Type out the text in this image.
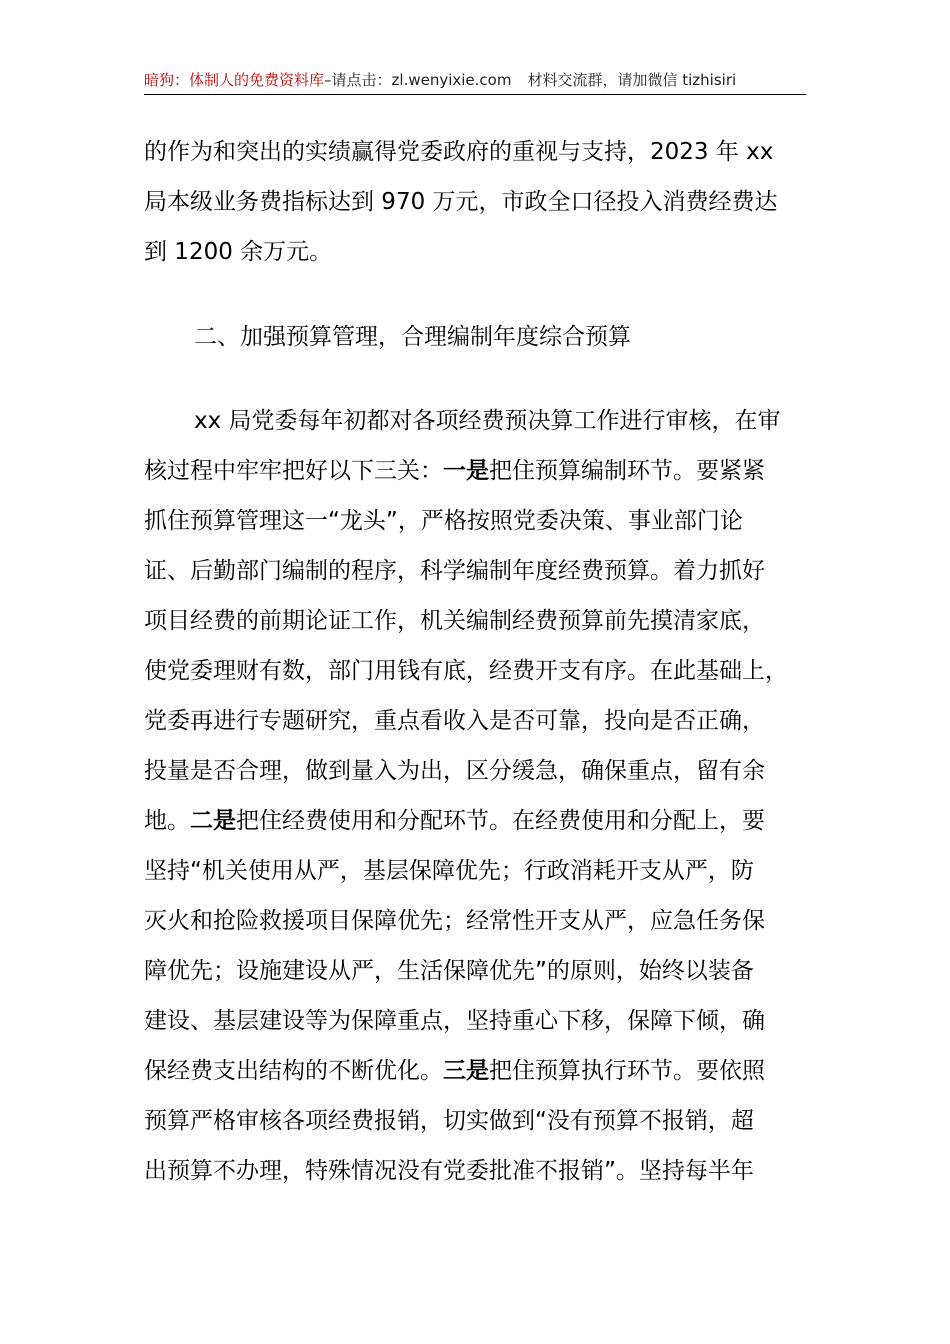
暗狗：体制人的免费资料库–请点击：zl.wenyixie.com 材料交流群，请加微信 tizhisiri
的作为和突出的实绩赢得党委政府的重视与支持，2023 年 xx
局本级业务费指标达到 970 万元，市政全口径投入消费经费达
到 1200 余万元。
二、加强预算管理，合理编制年度综合预算
xx 局党委每年初都对各项经费预决算工作进行审核，在审
核过程中牢牢把好以下三关：一是把住预算编制环节。要紧紧
抓住预算管理这一“龙头”，严格按照党委决策、事业部门论
证、后勤部门编制的程序，科学编制年度经费预算。着力抓好
项目经费的前期论证工作，机关编制经费预算前先摸清家底，
使党委理财有数，部门用钱有底，经费开支有序。在此基础上，
党委再进行专题研究，重点看收入是否可靠，投向是否正确，
投量是否合理，做到量入为出，区分缓急，确保重点，留有余
地。二是把住经费使用和分配环节。在经费使用和分配上，要
坚持“机关使用从严，基层保障优先；行政消耗开支从严，防
灭火和抢险救援项目保障优先；经常性开支从严，应急任务保
障优先；设施建设从严，生活保障优先”的原则，始终以装备
建设、基层建设等为保障重点，坚持重心下移，保障下倾，确
保经费支出结构的不断优化。三是把住预算执行环节。要依照
预算严格审核各项经费报销，切实做到“没有预算不报销，超
出预算不办理，特殊情况没有党委批准不报销”。坚持每半年
